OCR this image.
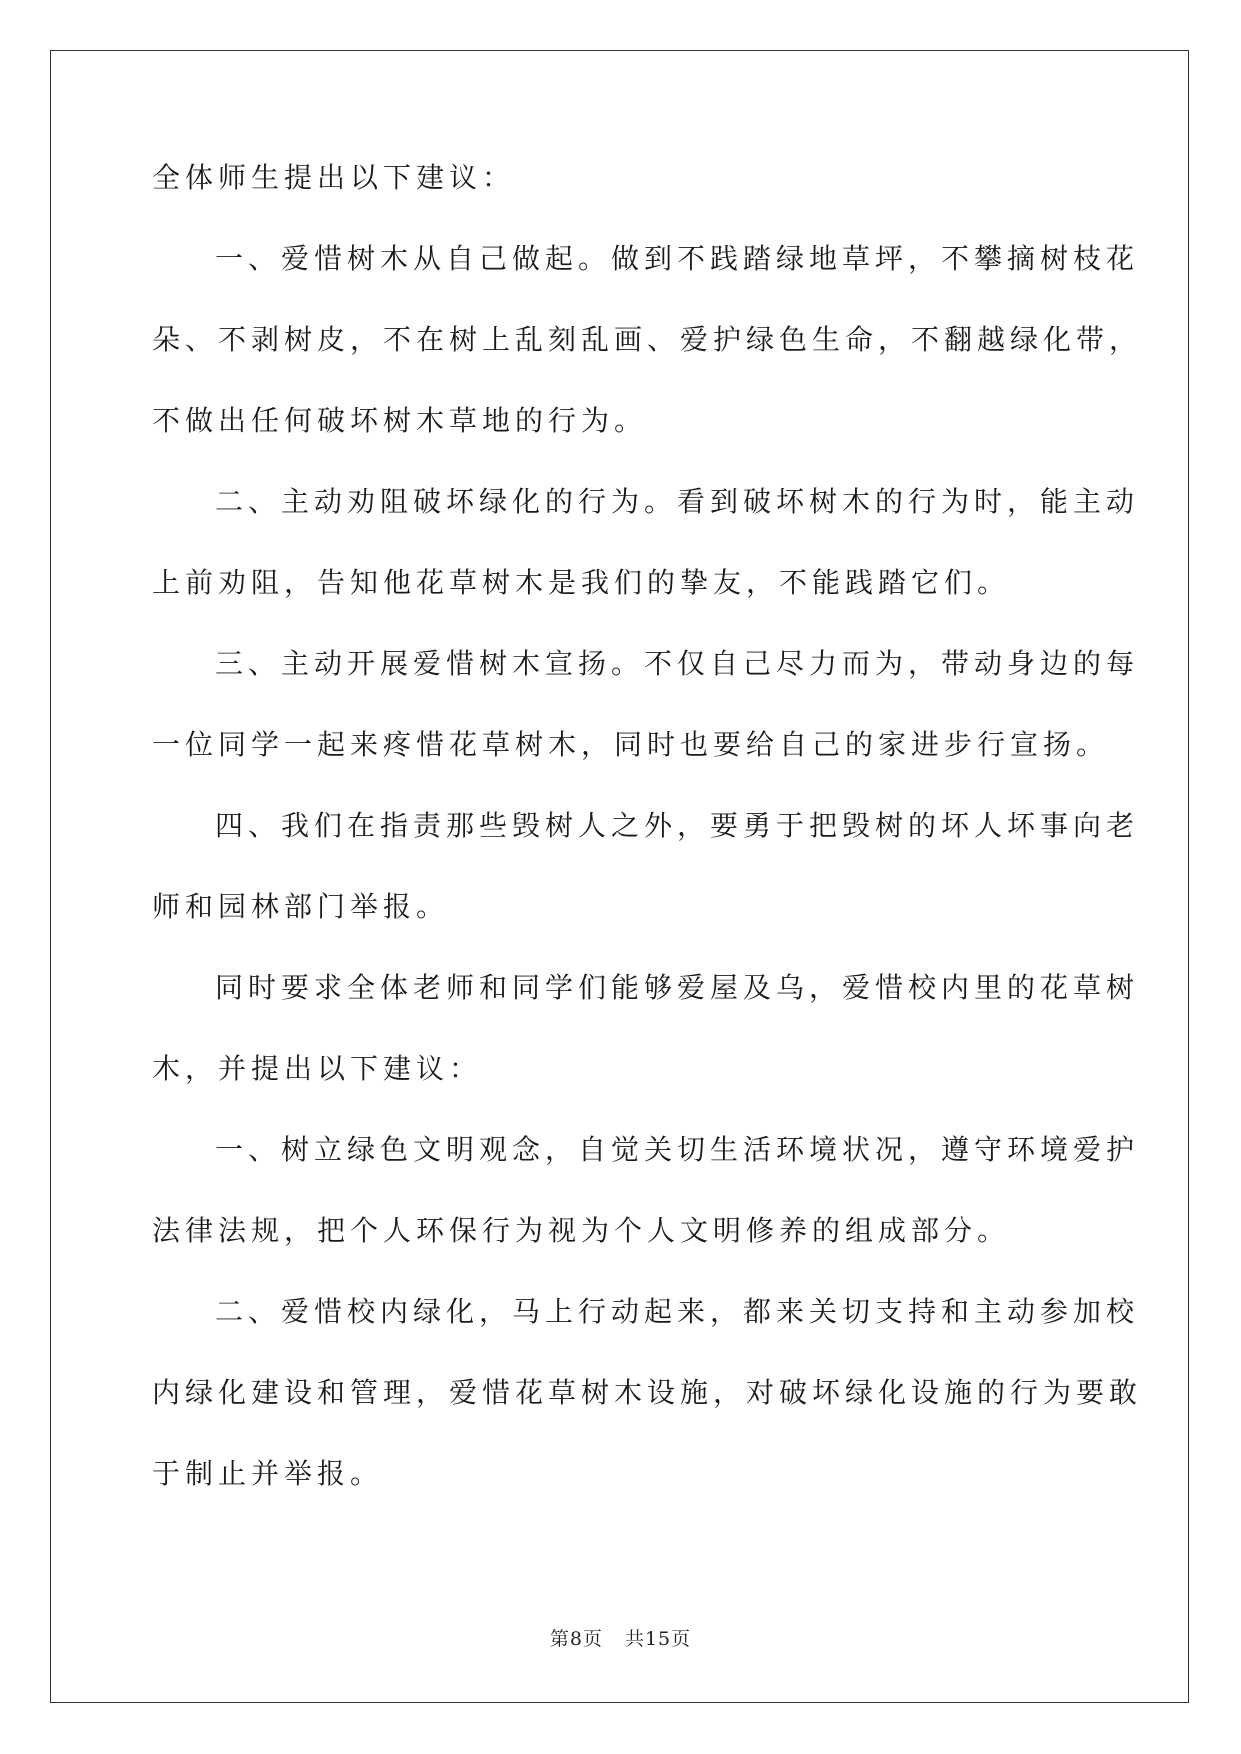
全体师生提出以下建议：
一、爱惜树木从自己做起。做到不践踏绿地草坪，不攀摘树枝花
朵、不剥树皮，不在树上乱刻乱画、爱护绿色生命，不翻越绿化带，
不做出任何破坏树木草地的行为。
二、主动劝阻破坏绿化的行为。看到破坏树木的行为时，能主动
上前劝阻，告知他花草树木是我们的挚友，不能践踏它们。
三、主动开展爱惜树木宣扬。不仅自己尽力而为，带动身边的每
一位同学一起来疼惜花草树木，同时也要给自己的家进步行宣扬。
四、我们在指责那些毁树人之外，要勇于把毁树的坏人坏事向老
师和园林部门举报。
同时要求全体老师和同学们能够爱屋及乌，爱惜校内里的花草树
木，并提出以下建议：
一、树立绿色文明观念，自觉关切生活环境状况，遵守环境爱护
法律法规，把个人环保行为视为个人文明修养的组成部分。
二、爱惜校内绿化，马上行动起来，都来关切支持和主动参加校
内绿化建设和管理，爱惜花草树木设施，对破坏绿化设施的行为要敢
于制止并举报。
第8页 共15页
